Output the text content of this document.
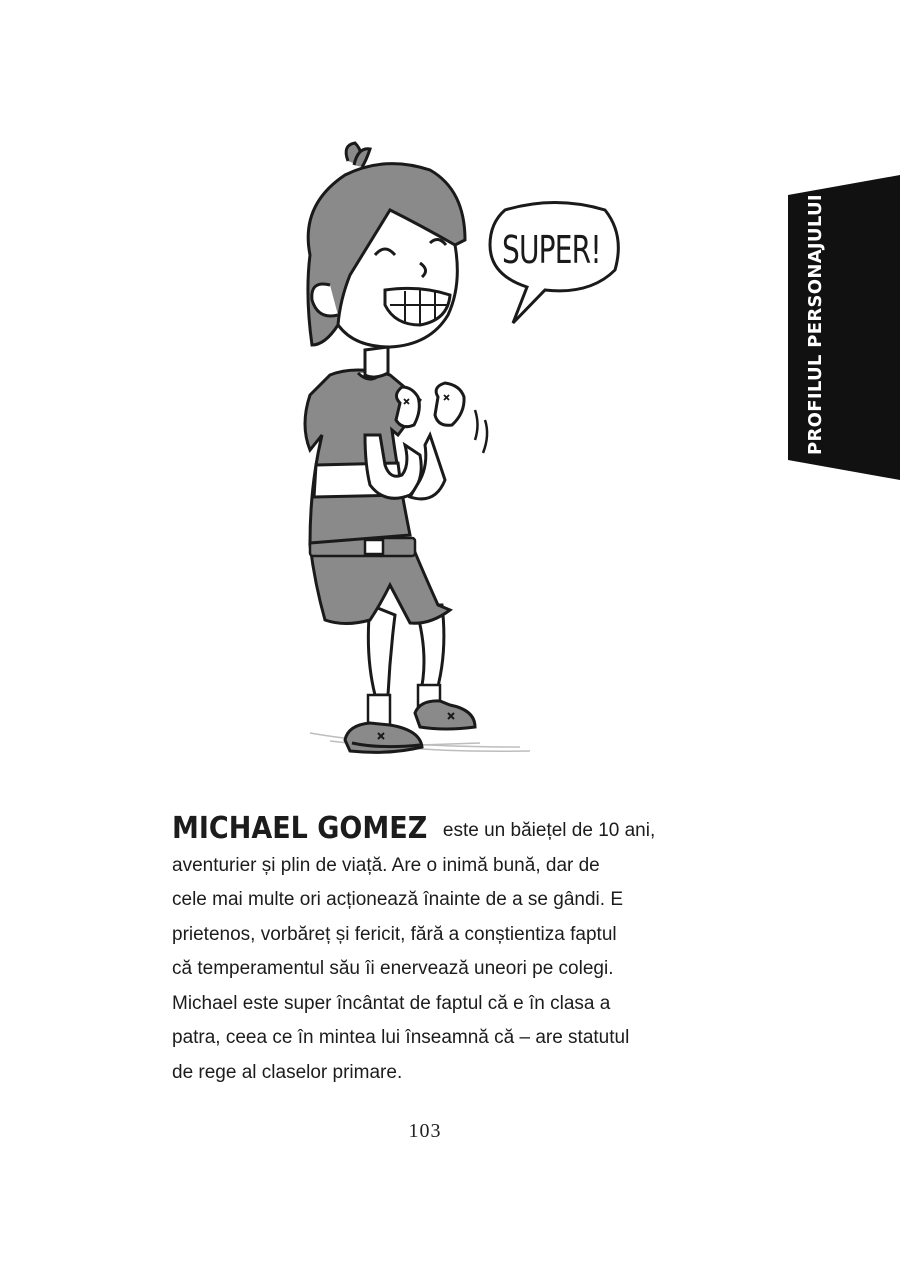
PROFILUL PERSONAJULUI
SUPER!

MICHAEL GOMEZ este un băiețel de 10 ani,

aventurier și plin de viață. Are o inimă bună, dar de

cele mai multe ori acționează înainte de a se gândi. E

prietenos, vorbăreț și fericit, fără a conștientiza faptul

că temperamentul său îi enervează uneori pe colegi.

Michael este super încântat de faptul că e în clasa a

patra, ceea ce în mintea lui înseamnă că – are statutul

de rege al claselor primare.

103
